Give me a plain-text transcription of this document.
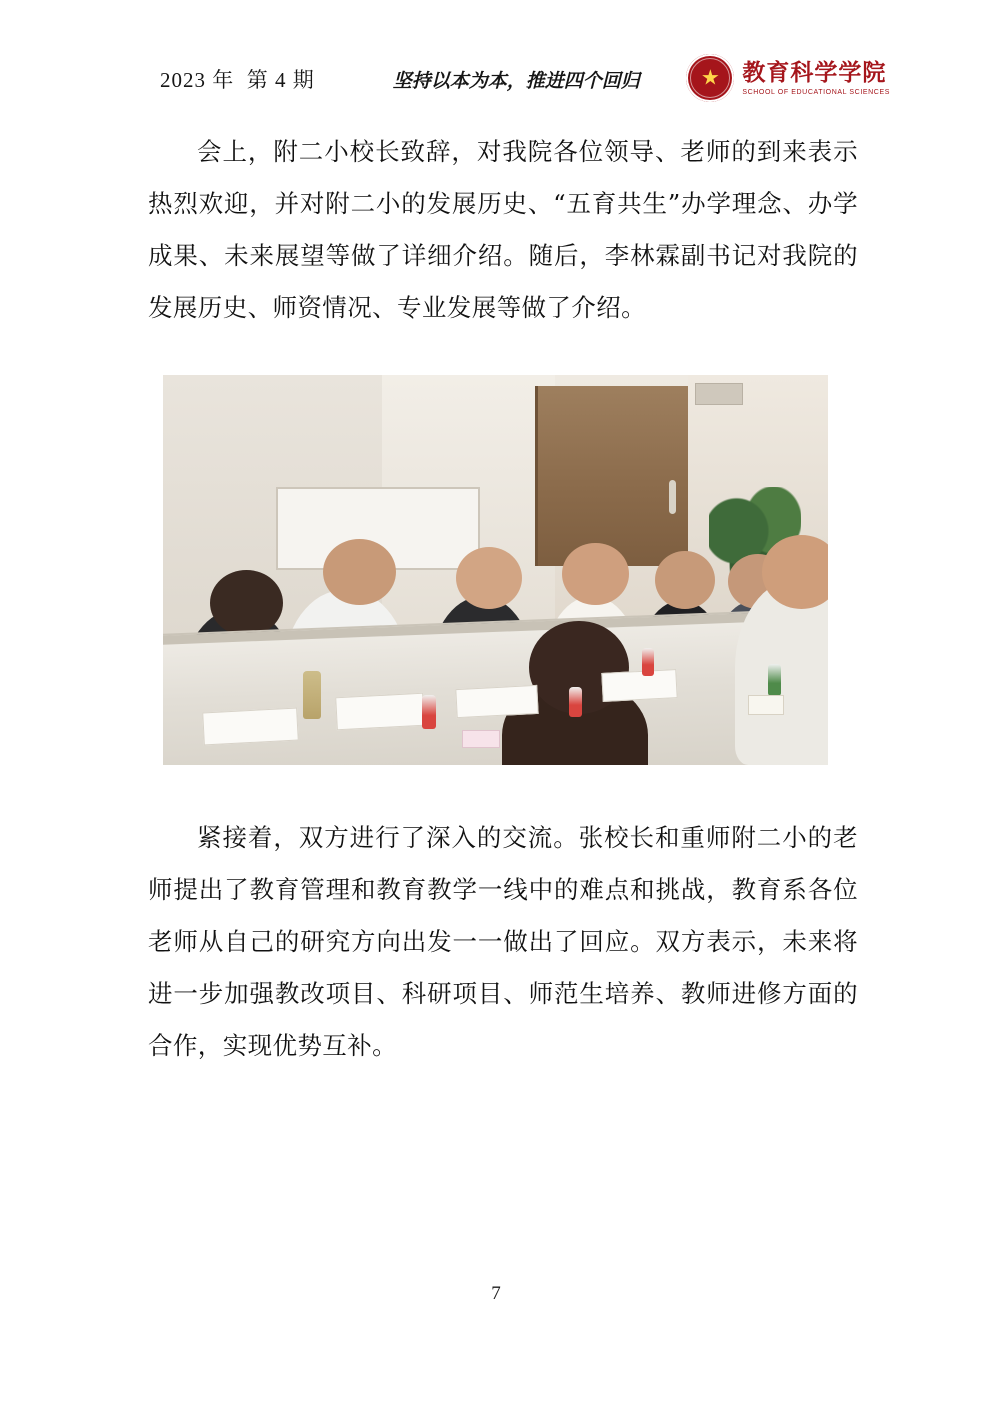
2023 年  第 4 期	坚持以本为本，推进四个回归	教育科学学院
SCHOOL OF EDUCATIONAL SCIENCES
会上，附二小校长致辞，对我院各位领导、老师的到来表示热烈欢迎，并对附二小的发展历史、“五育共生”办学理念、办学成果、未来展望等做了详细介绍。随后，李林霖副书记对我院的发展历史、师资情况、专业发展等做了介绍。
紧接着，双方进行了深入的交流。张校长和重师附二小的老师提出了教育管理和教育教学一线中的难点和挑战，教育系各位老师从自己的研究方向出发一一做出了回应。双方表示，未来将进一步加强教改项目、科研项目、师范生培养、教师进修方面的合作，实现优势互补。
7
